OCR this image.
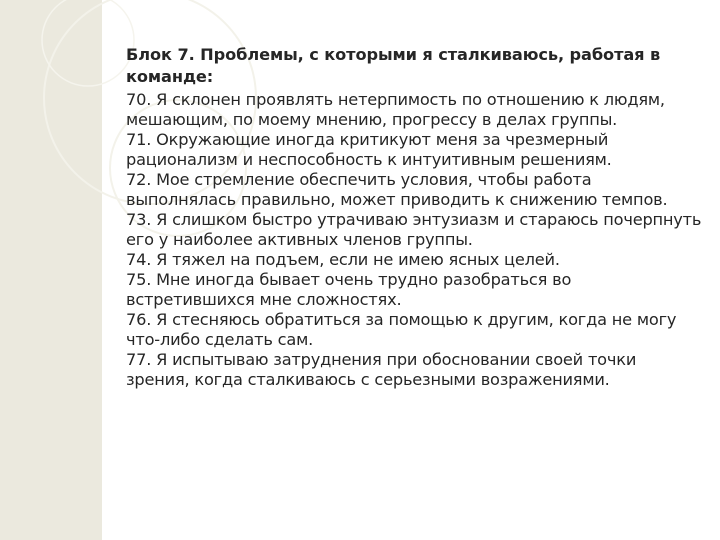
Блок 7. Проблемы, с которыми я сталкиваюсь, работая в команде:
70. Я склонен проявлять нетерпимость по отношению к людям, мешающим, по моему мнению, прогрессу в делах группы.
71. Окружающие иногда критикуют меня за чрезмерный рационализм и неспособность к интуитивным решениям.
72. Мое стремление обеспечить условия, чтобы работа выполнялась правильно, может приводить к снижению темпов.
73. Я слишком быстро утрачиваю энтузиазм и стараюсь почерпнуть его у наиболее активных членов группы.
74. Я тяжел на подъем, если не имею ясных целей.
75. Мне иногда бывает очень трудно разобраться во встретившихся мне сложностях.
76. Я стесняюсь обратиться за помощью к другим, когда не могу что-либо сделать сам.
77. Я испытываю затруднения при обосновании своей точки зрения, когда сталкиваюсь с серьезными возражениями.
